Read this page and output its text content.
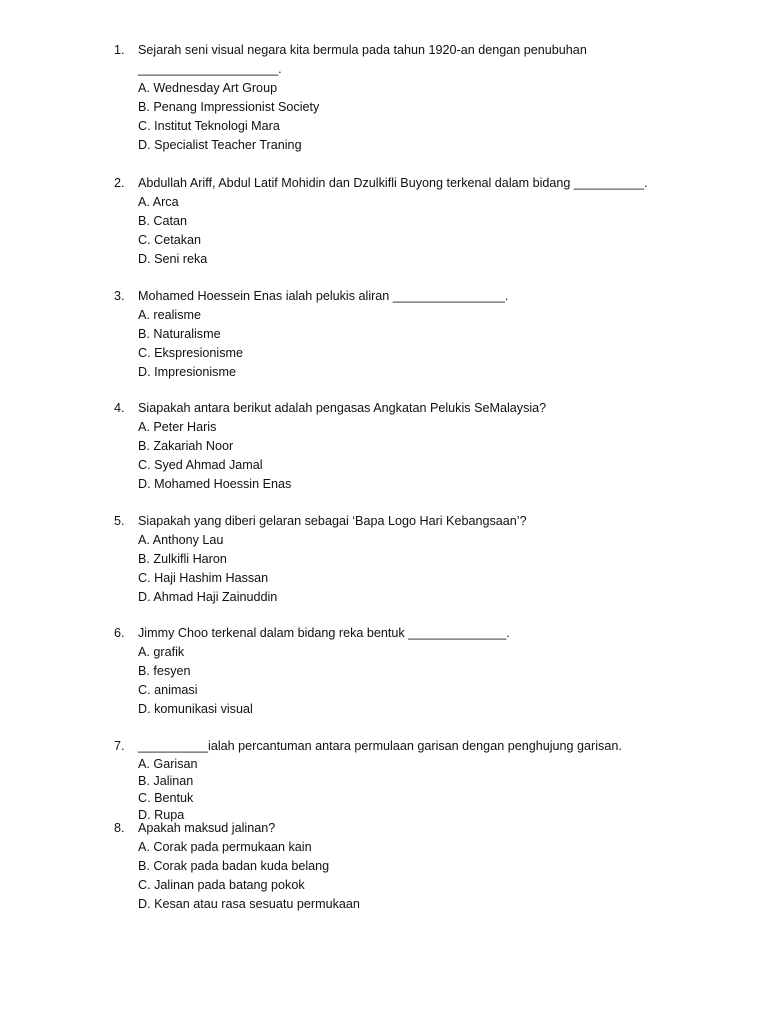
1. Sejarah seni visual negara kita bermula pada tahun 1920-an dengan penubuhan
____________________.
A. Wednesday Art Group
B. Penang Impressionist Society
C. Institut Teknologi Mara
D. Specialist Teacher Traning
2. Abdullah Ariff, Abdul Latif Mohidin dan Dzulkifli Buyong terkenal dalam bidang __________.
A. Arca
B. Catan
C. Cetakan
D. Seni reka
3. Mohamed Hoessein Enas ialah pelukis aliran ________________.
A. realisme
B. Naturalisme
C. Ekspresionisme
D. Impresionisme
4. Siapakah antara berikut adalah pengasas Angkatan Pelukis SeMalaysia?
A. Peter Haris
B. Zakariah Noor
C. Syed Ahmad Jamal
D. Mohamed Hoessin Enas
5. Siapakah yang diberi gelaran sebagai ‘Bapa Logo Hari Kebangsaan’?
A. Anthony Lau
B. Zulkifli Haron
C. Haji Hashim Hassan
D. Ahmad Haji Zainuddin
6. Jimmy Choo terkenal dalam bidang reka bentuk ______________.
A. grafik
B. fesyen
C. animasi
D. komunikasi visual
7. __________ialah percantuman antara permulaan garisan dengan penghujung garisan.
A. Garisan
B. Jalinan
C. Bentuk
D. Rupa
8. Apakah maksud jalinan?
A. Corak pada permukaan kain
B. Corak pada badan kuda belang
C. Jalinan pada batang pokok
D. Kesan atau rasa sesuatu permukaan
